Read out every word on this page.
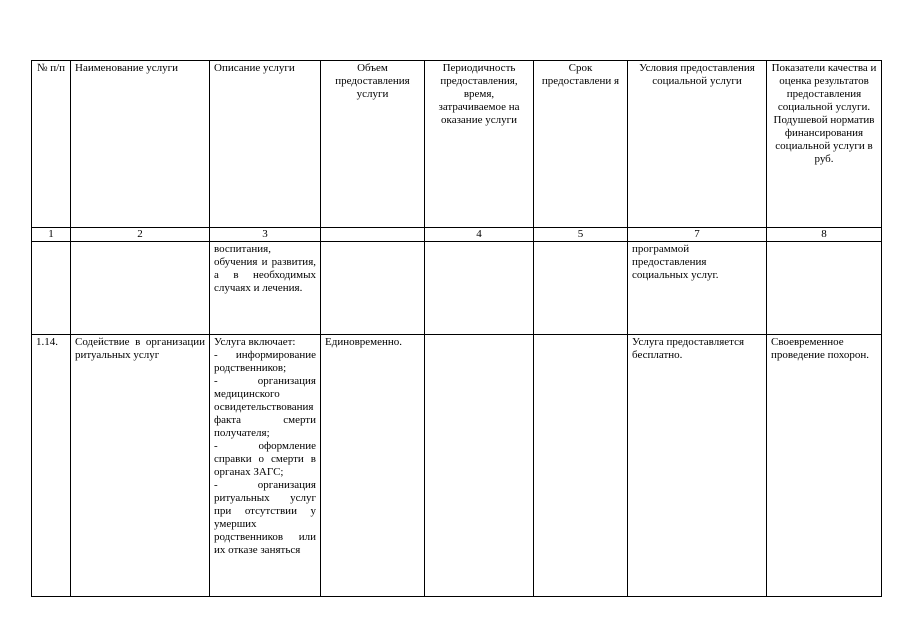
№ п/п	Наименование услуги	Описание услуги	Объем предоставления услуги	Периодичность предоставления, время, затрачиваемое на оказание услуги	Срок предоставлени я	Условия предоставления социальной услуги	Показатели качества и оценка результатов предоставления социальной услуги. Подушевой норматив финансирования социальной услуги в руб.
1	2	3		4	5	7	8
		воспитания, обучения и развития, а в необходимых случаях и лечения.				программой предоставления социальных услуг.	
1.14.	Содействие в организации ритуальных услуг	Услуга включает:
- информирование родственников;
- организация медицинского освидетельствования факта смерти получателя;
- оформление справки о смерти в органах ЗАГС;
- организация ритуальных услуг при отсутствии у умерших родственников или их отказе заняться	Единовременно.			Услуга предоставляется бесплатно.	Своевременное проведение похорон.
